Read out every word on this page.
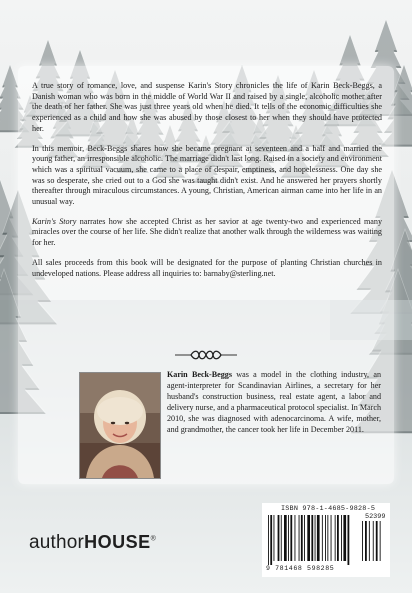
A true story of romance, love, and suspense Karin's Story chronicles the life of Karin Beck-Beggs, a Danish woman who was born in the middle of World War II and raised by a single, alcoholic mother after the death of her father. She was just three years old when he died. It tells of the economic difficulties she experienced as a child and how she was abused by those closest to her when they should have protected her.

In this memoir, Beck-Beggs shares how she became pregnant at seventeen and a half and married the young father, an irresponsible alcoholic. The marriage didn't last long. Raised in a society and environment which was a spiritual vacuum, she came to a place of despair, emptiness, and hopelessness. One day she was so desperate, she cried out to a God she was taught didn't exist. And he answered her prayers shortly thereafter through miraculous circumstances. A young, Christian, American airman came into her life in an unusual way.

Karin's Story narrates how she accepted Christ as her savior at age twenty-two and experienced many miracles over the course of her life. She didn't realize that another walk through the wilderness was waiting for her.

All sales proceeds from this book will be designated for the purpose of planting Christian churches in undeveloped nations. Please address all inquiries to: barnaby@sterling.net.

Karin Beck-Beggs was a model in the clothing industry, an agent-interpreter for Scandinavian Airlines, a secretary for her husband's construction business, real estate agent, a labor and delivery nurse, and a pharmaceutical protocol specialist. In March 2010, she was diagnosed with adenocarcinoma. A wife, mother, and grandmother, the cancer took her life in December 2011.
ISBN 978-1-4685-9828-5
52399
9 781468 598285
authorHOUSE®
